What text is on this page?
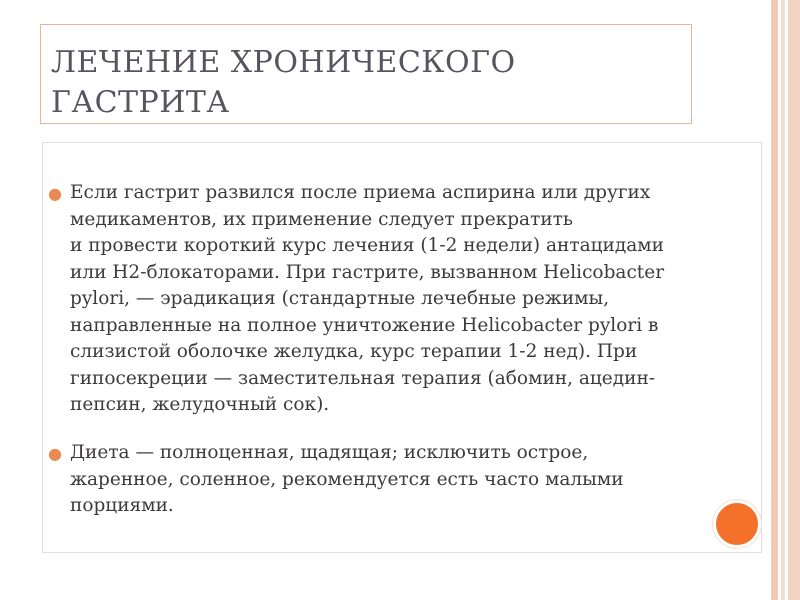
ЛЕЧЕНИЕ ХРОНИЧЕСКОГО
ГАСТРИТА
● Если гастрит развился после приема аспирина или других
медикаментов, их применение следует прекратить
и провести короткий курс лечения (1-2 недели) антацидами
или Н2-блокаторами. При гастрите, вызванном Helicobacter
pylori, — эрадикация (стандартные лечебные режимы,
направленные на полное уничтожение Helicobacter pylori в
слизистой оболочке желудка, курс терапии 1-2 нед). При
гипосекреции — заместительная терапия (абомин, ацедин-
пепсин, желудочный сок).
● Диета — полноценная, щадящая; исключить острое,
жаренное, соленное, рекомендуется есть часто малыми
порциями.
